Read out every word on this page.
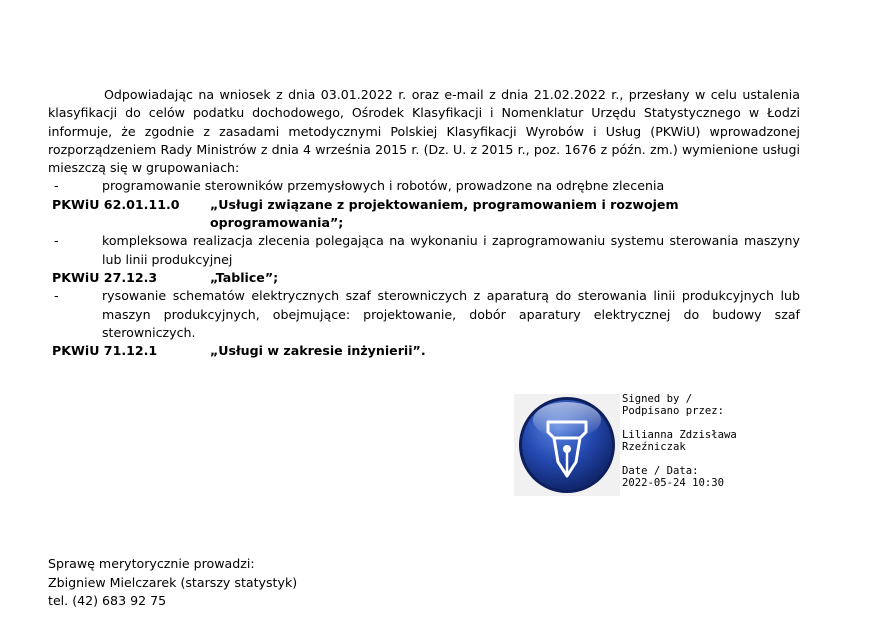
Odpowiadając na wniosek z dnia 03.01.2022 r. oraz e-mail z dnia 21.02.2022 r., przesłany w celu ustalenia klasyfikacji do celów podatku dochodowego, Ośrodek Klasyfikacji i Nomenklatur Urzędu Statystycznego w Łodzi informuje, że zgodnie z zasadami metodycznymi Polskiej Klasyfikacji Wyrobów i Usług (PKWiU) wprowadzonej rozporządzeniem Rady Ministrów z dnia 4 września 2015 r. (Dz. U. z 2015 r., poz. 1676 z późn. zm.) wymienione usługi mieszczą się w grupowaniach:

-	programowanie sterowników przemysłowych i robotów, prowadzone na odrębne zlecenia
PKWiU 62.01.11.0	„Usługi związane z projektowaniem, programowaniem i rozwojem oprogramowania”;
-	kompleksowa realizacja zlecenia polegająca na wykonaniu i zaprogramowaniu systemu sterowania maszyny lub linii produkcyjnej
PKWiU 27.12.3	„Tablice”;
-	rysowanie schematów elektrycznych szaf sterowniczych z aparaturą do sterowania linii produkcyjnych lub maszyn produkcyjnych, obejmujące: projektowanie, dobór aparatury elektrycznej do budowy szaf sterowniczych.
PKWiU 71.12.1	„Usługi w zakresie inżynierii”.
Signed by /
Podpisano przez:
Lilianna Zdzisława
Rzeźniczak
Date / Data:
2022-05-24 10:30
Sprawę merytorycznie prowadzi:
Zbigniew Mielczarek (starszy statystyk)
tel. (42) 683 92 75
